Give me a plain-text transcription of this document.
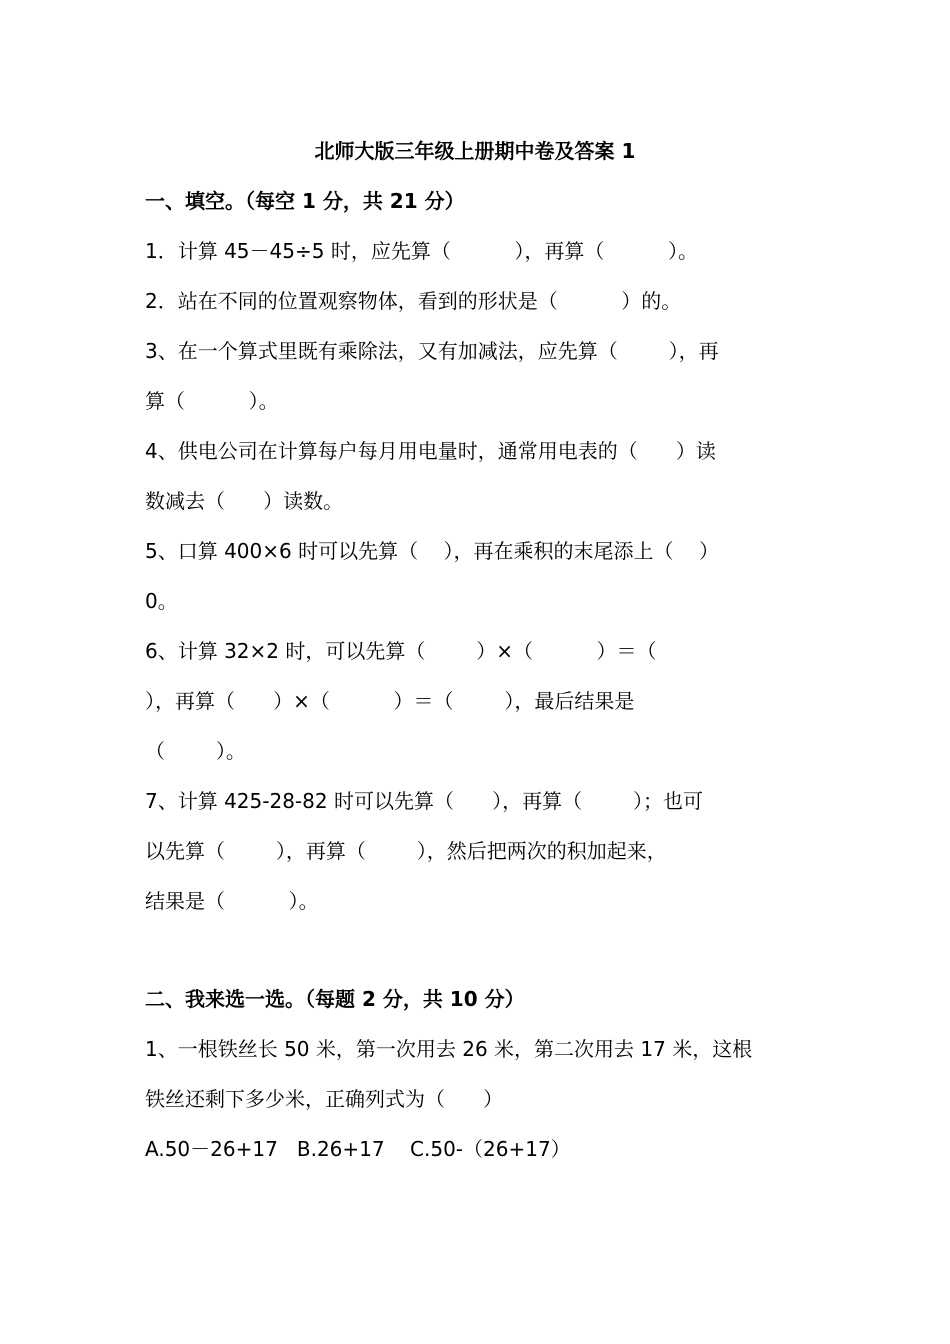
北师大版三年级上册期中卷及答案 1
一、填空。（每空 1 分，共 21 分）
1．计算 45－45÷5 时，应先算（          ），再算（          ）。
2．站在不同的位置观察物体，看到的形状是（          ）的。
3、在一个算式里既有乘除法，又有加减法，应先算（        ），再
算（          ）。
4、供电公司在计算每户每月用电量时，通常用电表的（      ）读
数减去（      ）读数。
5、口算 400×6 时可以先算（    ），再在乘积的末尾添上（    ）
0。
6、计算 32×2 时，可以先算（        ）×（          ）＝（
），再算（      ）×（          ）＝（        ），最后结果是
（        ）。
7、计算 425-28-82 时可以先算（      ），再算（        ）；也可
以先算（        ），再算（        ），然后把两次的积加起来，
结果是（          ）。
二、我来选一选。（每题 2 分，共 10 分）
1、一根铁丝长 50 米，第一次用去 26 米，第二次用去 17 米，这根
铁丝还剩下多少米，正确列式为（      ）
A.50－26+17   B.26+17    C.50-（26+17）
